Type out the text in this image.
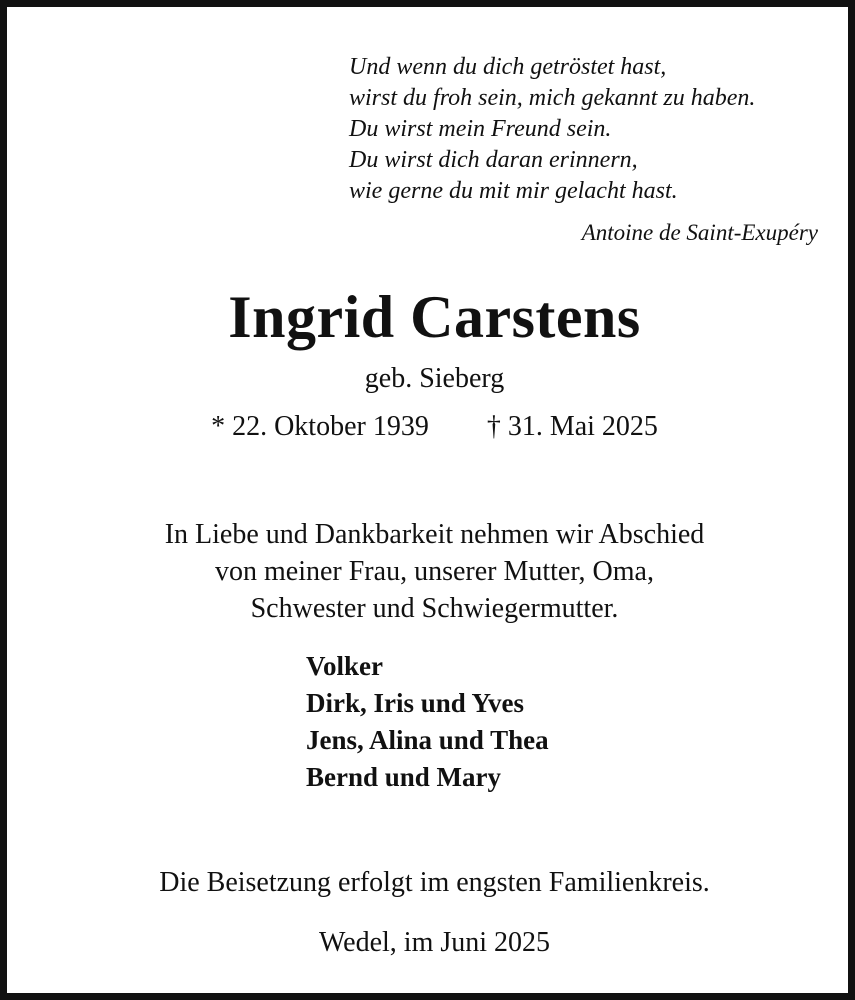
Und wenn du dich getröstet hast,
wirst du froh sein, mich gekannt zu haben.
Du wirst mein Freund sein.
Du wirst dich daran erinnern,
wie gerne du mit mir gelacht hast.
Antoine de Saint-Exupéry
Ingrid Carstens
geb. Sieberg
* 22. Oktober 1939 † 31. Mai 2025
In Liebe und Dankbarkeit nehmen wir Abschied
von meiner Frau, unserer Mutter, Oma,
Schwester und Schwiegermutter.
Volker
Dirk, Iris und Yves
Jens, Alina und Thea
Bernd und Mary
Die Beisetzung erfolgt im engsten Familienkreis.
Wedel, im Juni 2025
